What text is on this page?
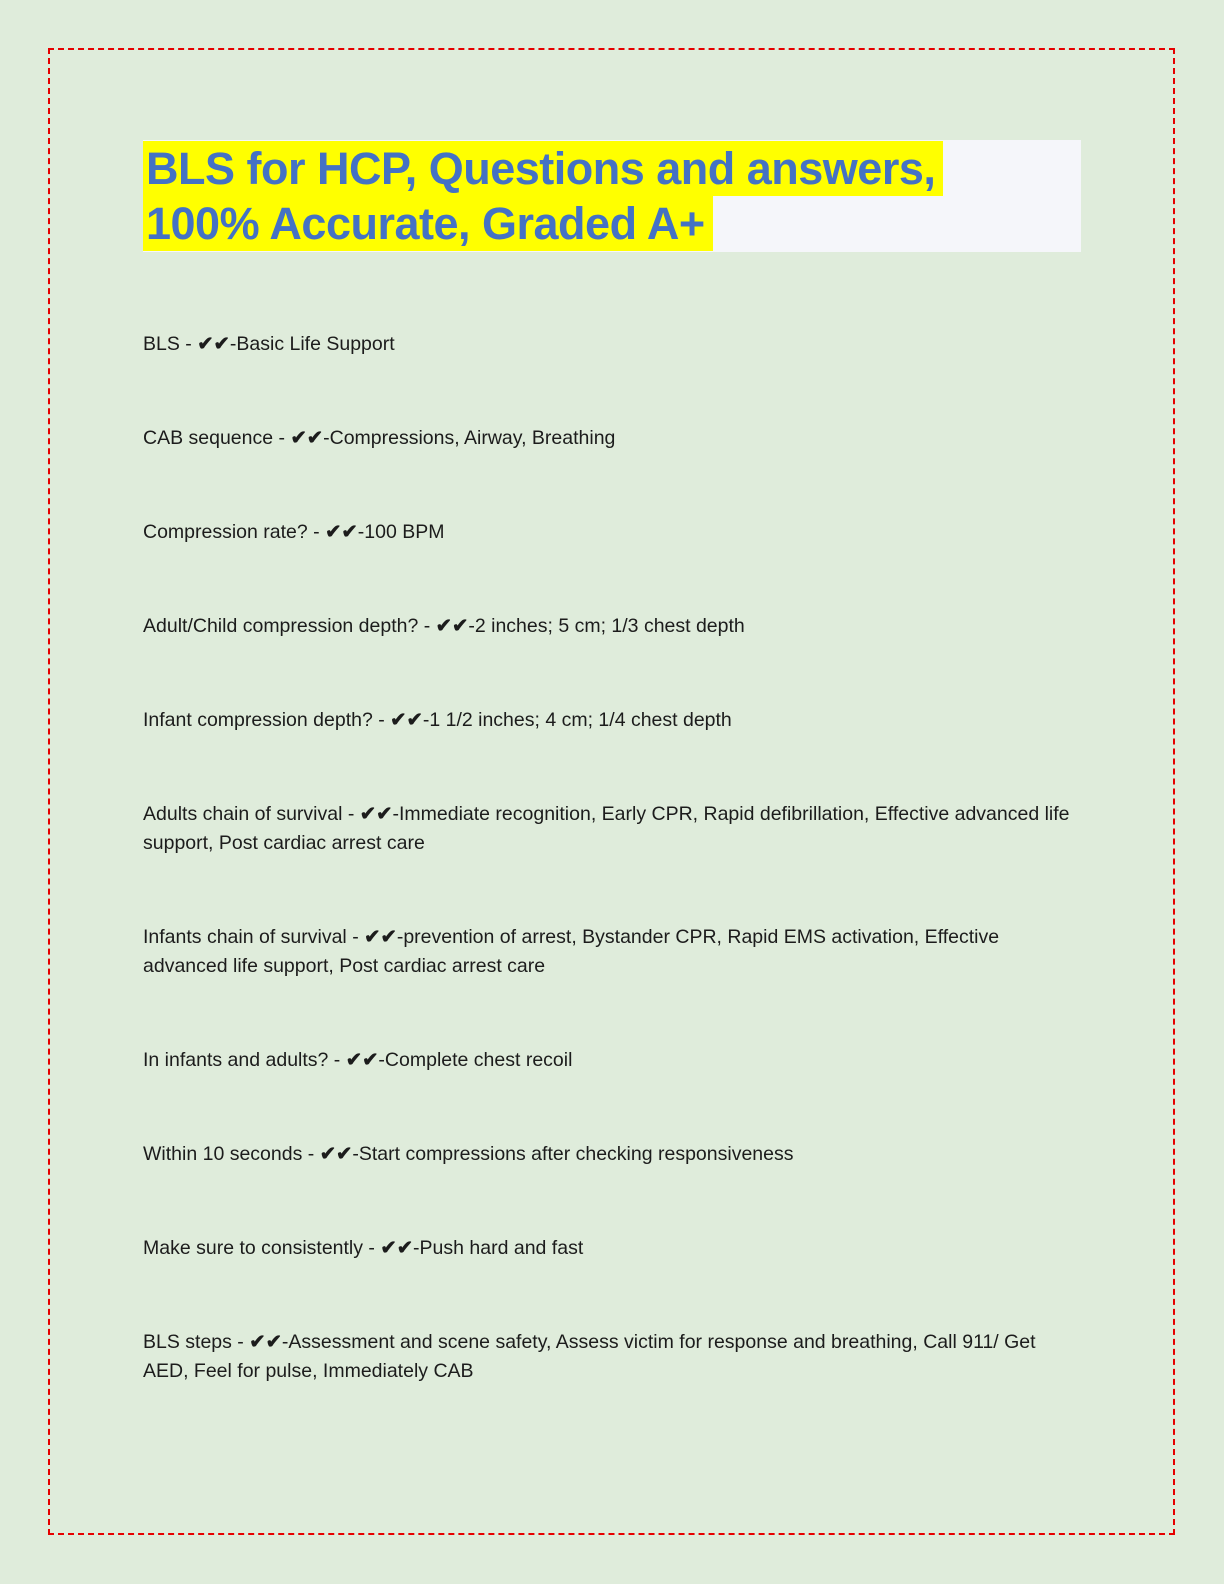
BLS for HCP, Questions and answers,
100% Accurate, Graded A+

BLS - ✔✔-Basic Life Support

CAB sequence - ✔✔-Compressions, Airway, Breathing

Compression rate? - ✔✔-100 BPM

Adult/Child compression depth? - ✔✔-2 inches; 5 cm; 1/3 chest depth

Infant compression depth? - ✔✔-1 1/2 inches; 4 cm; 1/4 chest depth

Adults chain of survival - ✔✔-Immediate recognition, Early CPR, Rapid defibrillation, Effective advanced life support, Post cardiac arrest care

Infants chain of survival - ✔✔-prevention of arrest, Bystander CPR, Rapid EMS activation, Effective advanced life support, Post cardiac arrest care

In infants and adults? - ✔✔-Complete chest recoil

Within 10 seconds - ✔✔-Start compressions after checking responsiveness

Make sure to consistently - ✔✔-Push hard and fast

BLS steps - ✔✔-Assessment and scene safety, Assess victim for response and breathing, Call 911/ Get AED, Feel for pulse, Immediately CAB
